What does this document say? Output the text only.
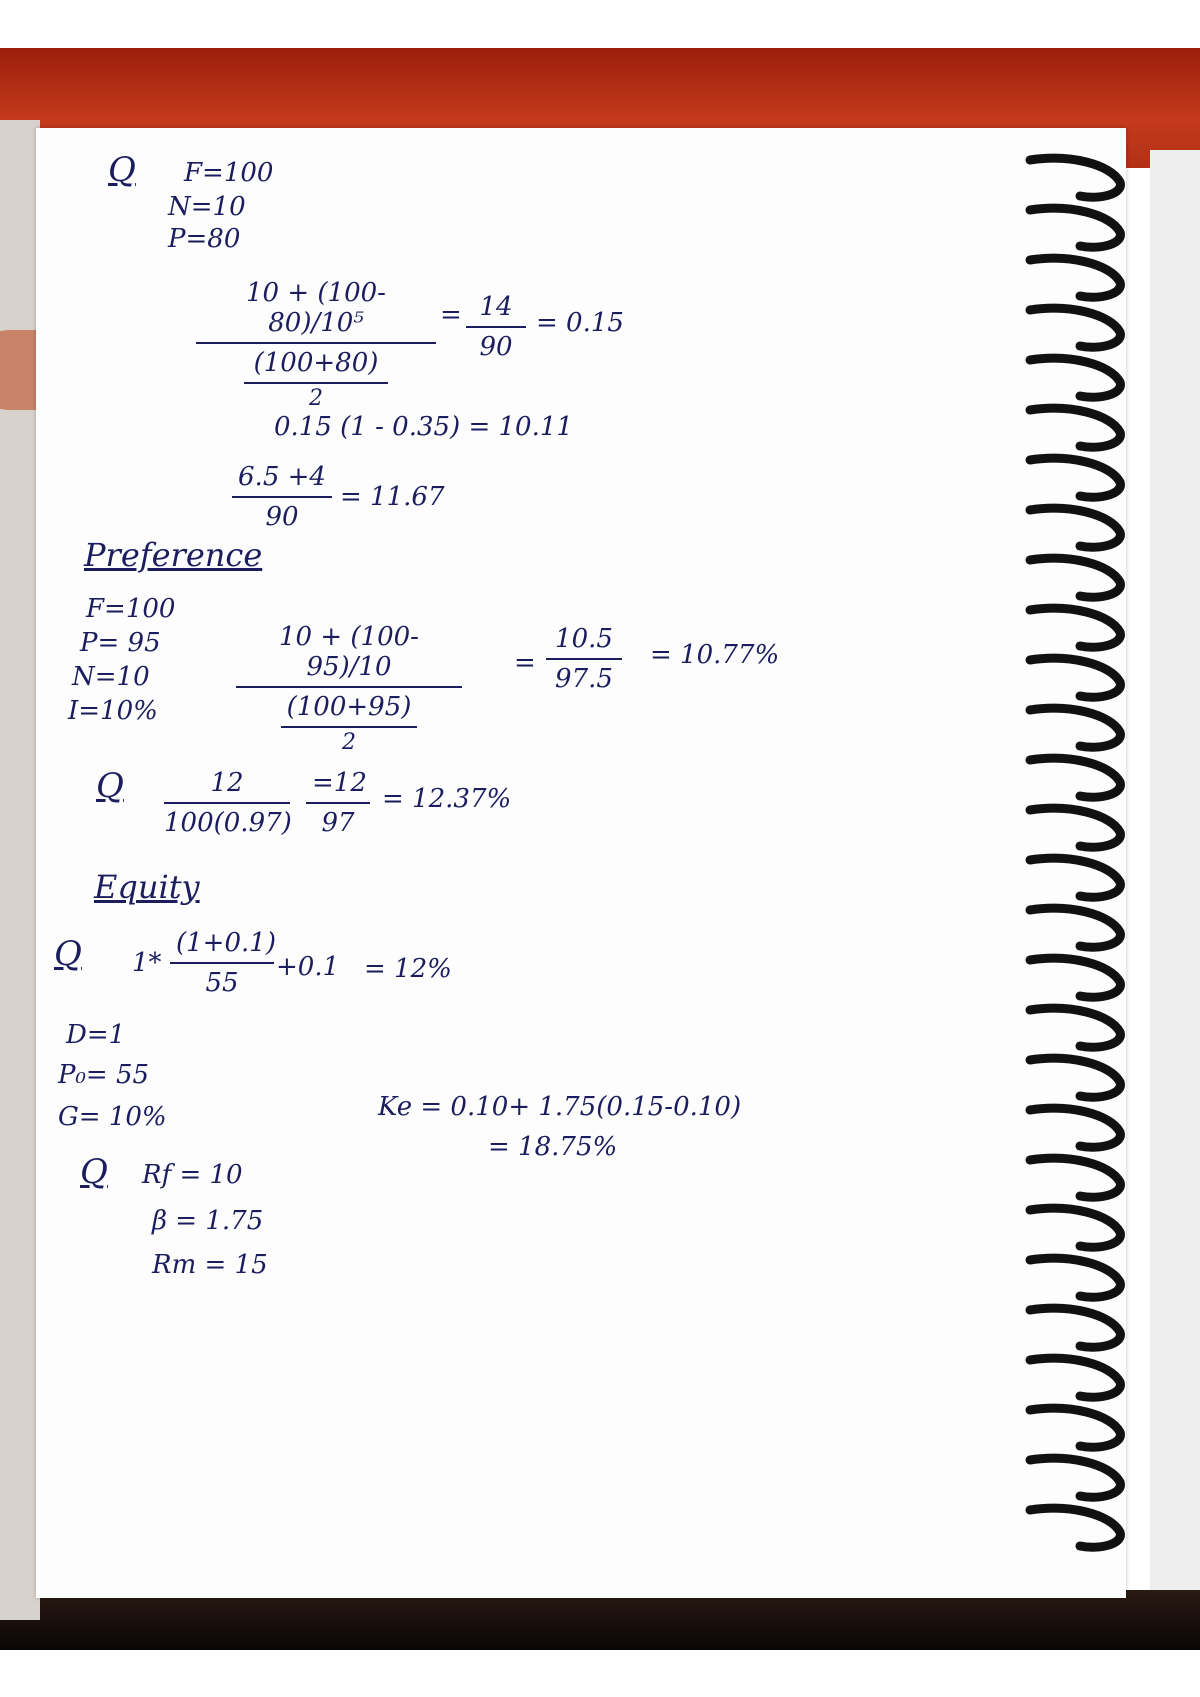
Q F=100
N=10
P=80
10 + (100-80)/10⁵
(100+80)
2
= 14
90
= 0.15
0.15 (1 - 0.35) = 10.11
6.5 +4
90
= 11.67
Preference
F=100
P= 95
N=10
I=10%
10 + (100- 95)/10
(100+95)
2
=
10.5
97.5
= 10.77%
Q	12
100(0.97)
=12
97
= 12.37%
Equity
Q 1*
(1+0.1)
55
+0.1 = 12%
D=1
P₀= 55
G= 10%	Ke = 0.10+ 1.75(0.15-0.10)
= 18.75%
Q Rf = 10
β = 1.75
Rm = 15
